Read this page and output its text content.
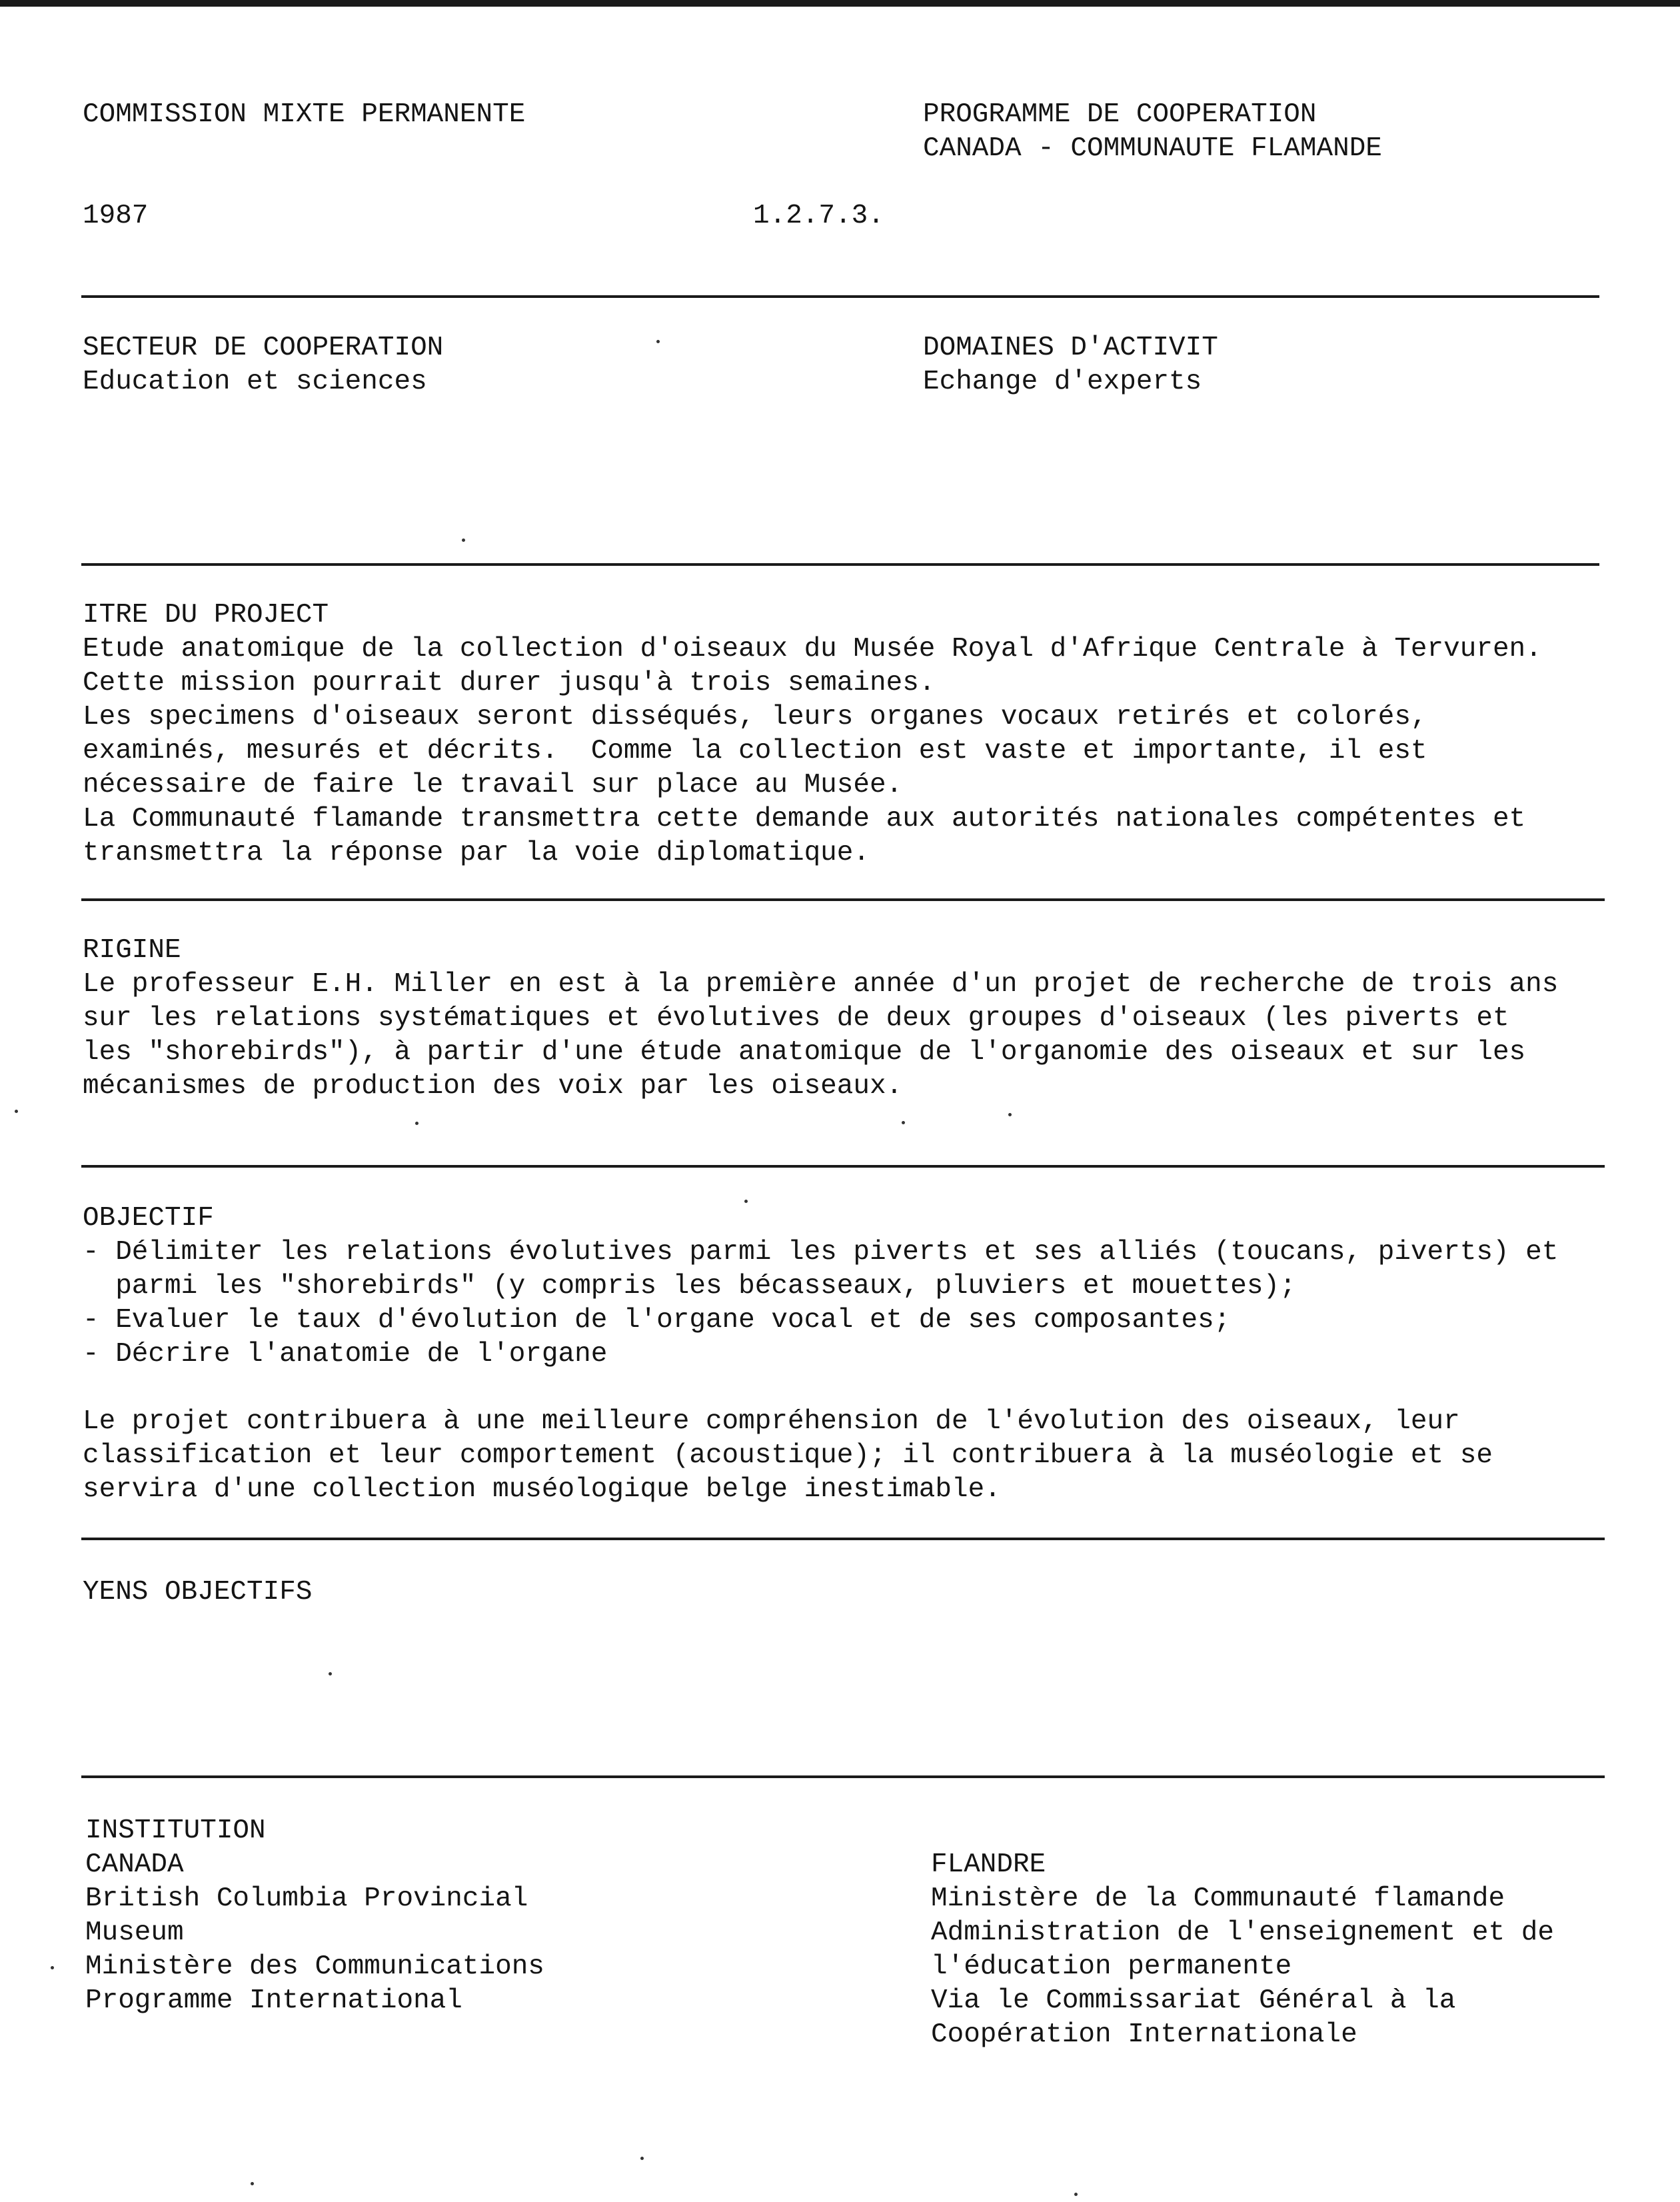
COMMISSION MIXTE PERMANENTE	PROGRAMME DE COOPERATION

CANADA - COMMUNAUTE FLAMANDE

1987	1.2.7.3.

SECTEUR DE COOPERATION

Education et sciences

DOMAINES D'ACTIVIT

Echange d'experts

ITRE DU PROJECT

Etude anatomique de la collection d'oiseaux du Musée Royal d'Afrique Centrale à Tervuren.

Cette mission pourrait durer jusqu'à trois semaines.

Les specimens d'oiseaux seront disséqués, leurs organes vocaux retirés et colorés,

examinés, mesurés et décrits.  Comme la collection est vaste et importante, il est

nécessaire de faire le travail sur place au Musée.

La Communauté flamande transmettra cette demande aux autorités nationales compétentes et

transmettra la réponse par la voie diplomatique.

RIGINE

Le professeur E.H. Miller en est à la première année d'un projet de recherche de trois ans

sur les relations systématiques et évolutives de deux groupes d'oiseaux (les piverts et

les "shorebirds"), à partir d'une étude anatomique de l'organomie des oiseaux et sur les

mécanismes de production des voix par les oiseaux.

OBJECTIF

- Délimiter les relations évolutives parmi les piverts et ses alliés (toucans, piverts) et

parmi les "shorebirds" (y compris les bécasseaux, pluviers et mouettes);

- Evaluer le taux d'évolution de l'organe vocal et de ses composantes;

- Décrire l'anatomie de l'organe

Le projet contribuera à une meilleure compréhension de l'évolution des oiseaux, leur

classification et leur comportement (acoustique); il contribuera à la muséologie et se

servira d'une collection muséologique belge inestimable.

YENS OBJECTIFS

INSTITUTION

CANADA

British Columbia Provincial

Museum

Ministère des Communications

Programme International

FLANDRE

Ministère de la Communauté flamande

Administration de l'enseignement et de

l'éducation permanente

Via le Commissariat Général à la

Coopération Internationale
